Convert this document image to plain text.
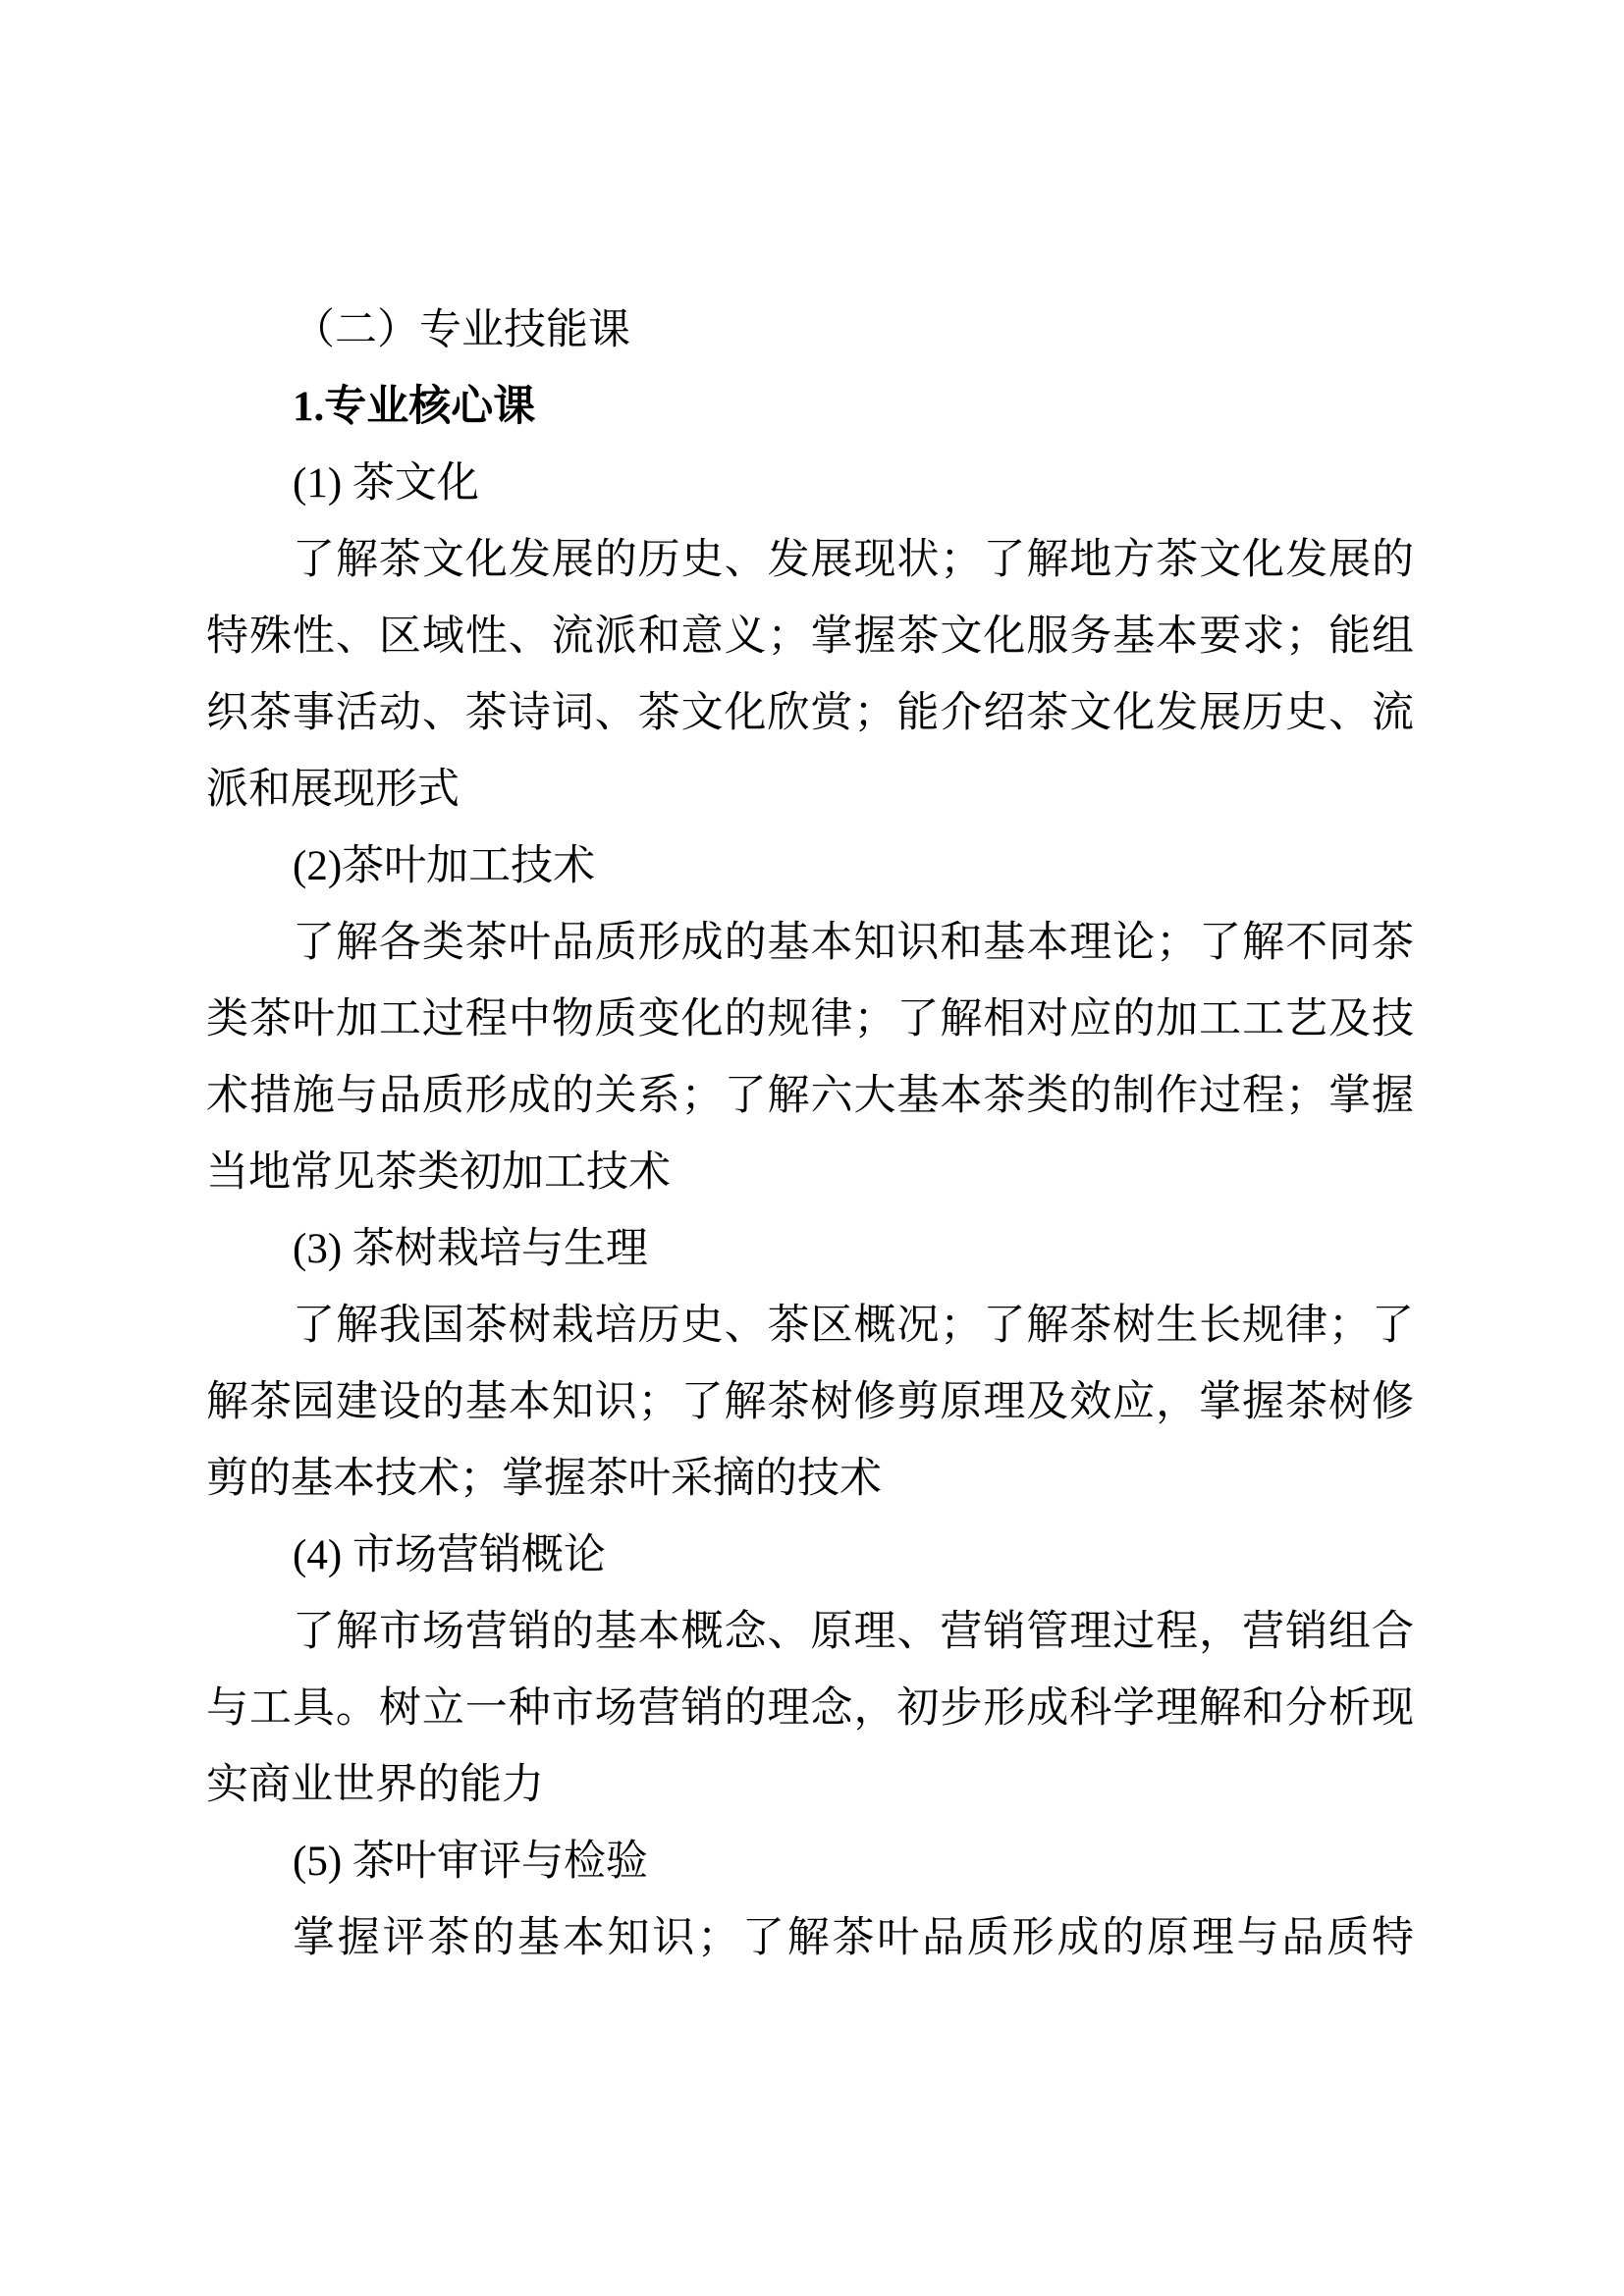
（二）专业技能课

1.专业核心课

(1) 茶文化

了解茶文化发展的历史、发展现状；了解地方茶文化发展的

特殊性、区域性、流派和意义；掌握茶文化服务基本要求；能组

织茶事活动、茶诗词、茶文化欣赏；能介绍茶文化发展历史、流

派和展现形式

(2)茶叶加工技术

了解各类茶叶品质形成的基本知识和基本理论；了解不同茶

类茶叶加工过程中物质变化的规律；了解相对应的加工工艺及技

术措施与品质形成的关系；了解六大基本茶类的制作过程；掌握

当地常见茶类初加工技术

(3) 茶树栽培与生理

了解我国茶树栽培历史、茶区概况；了解茶树生长规律；了

解茶园建设的基本知识；了解茶树修剪原理及效应，掌握茶树修

剪的基本技术；掌握茶叶采摘的技术

(4) 市场营销概论

了解市场营销的基本概念、原理、营销管理过程，营销组合

与工具。树立一种市场营销的理念，初步形成科学理解和分析现

实商业世界的能力

(5) 茶叶审评与检验

掌握评茶的基本知识；了解茶叶品质形成的原理与品质特
